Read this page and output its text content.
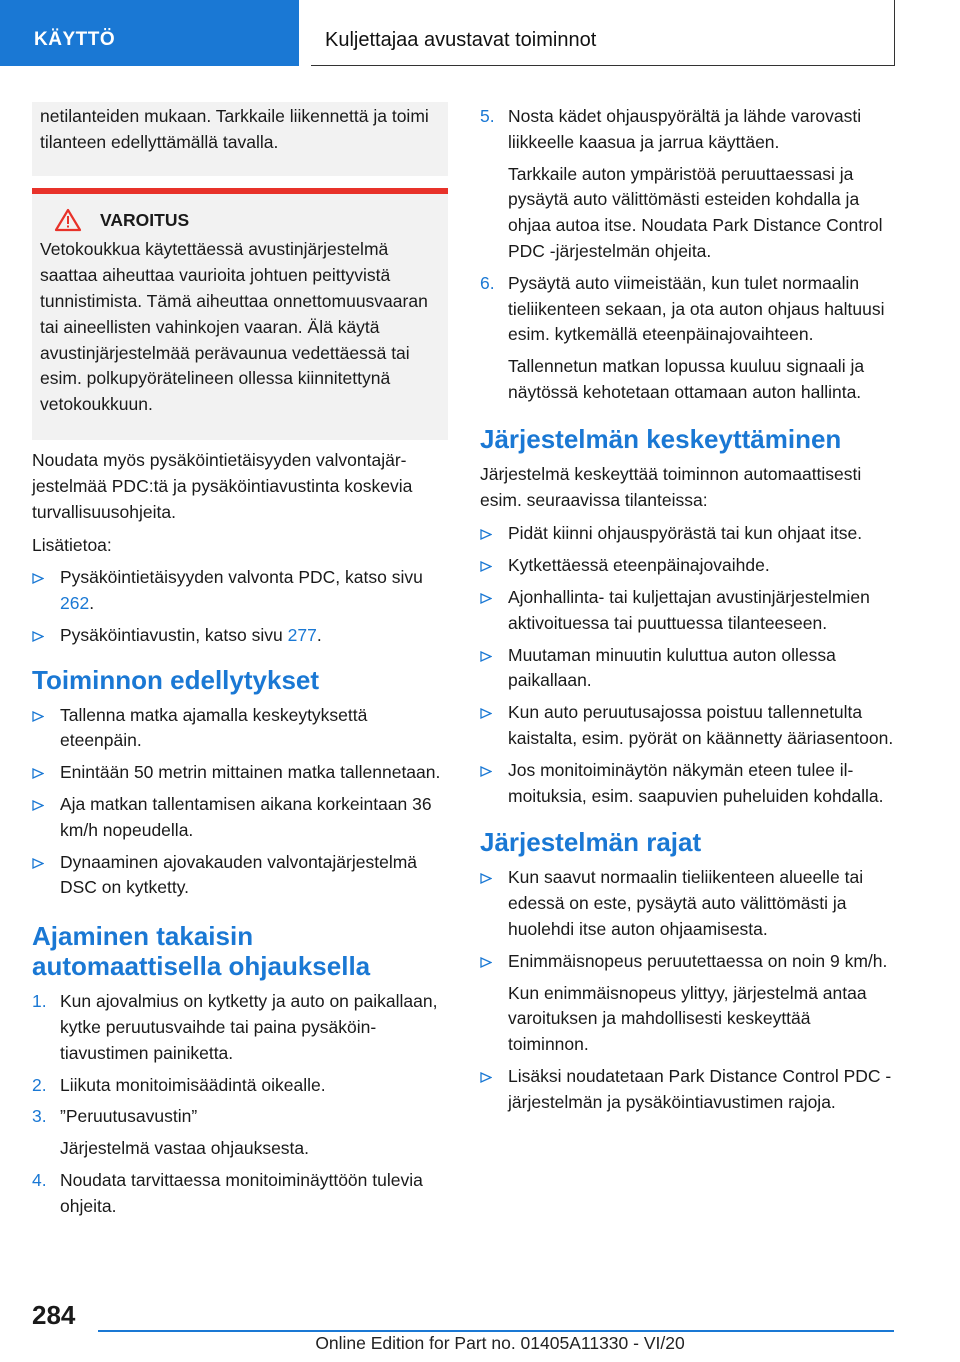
KÄYTTÖ	Kuljettajaa avustavat toiminnot
netilanteiden mukaan. Tarkkaile liikennettä ja toimi tilanteen edellyttämällä tavalla.
VAROITUS
Vetokoukkua käytettäessä avustinjärjestelmä saattaa aiheuttaa vaurioita johtuen peittyvistä tunnistimista. Tämä aiheuttaa onnettomuusvaaran tai aineellisten vahinkojen vaaran. Älä käytä avustinjärjestelmää perävaunua vedettäessä tai esim. polkupyörätelineen ollessa kiinnitettynä vetokoukkuun.

Noudata myös pysäköintietäisyyden valvontajärjestelmää PDC:tä ja pysäköintiavustinta koskevia turvallisuusohjeita.

Lisätietoa:

Pysäköintietäisyyden valvonta PDC, katso sivu 262.
Pysäköintiavustin, katso sivu 277.
Toiminnon edellytykset
Tallenna matka ajamalla keskeytyksettä eteenpäin.
Enintään 50 metrin mittainen matka tallennetaan.
Aja matkan tallentamisen aikana korkeintaan 36 km/h nopeudella.
Dynaaminen ajovakauden valvontajärjestelmä DSC on kytketty.
Ajaminen takaisin automaattisella ohjauksella
1. Kun ajovalmius on kytketty ja auto on paikallaan, kytke peruutusvaihde tai paina pysäköintiavustimen painiketta.
2. Liikuta monitoimisäädintä oikealle.
3. ”Peruutusavustin”
Järjestelmä vastaa ohjauksesta.
4. Noudata tarvittaessa monitoiminäyttöön tulevia ohjeita.
5. Nosta kädet ohjauspyörältä ja lähde varovasti liikkeelle kaasua ja jarrua käyttäen.
Tarkkaile auton ympäristöä peruuttaessasi ja pysäytä auto välittömästi esteiden kohdalla ja ohjaa autoa itse. Noudata Park Distance Control PDC -järjestelmän ohjeita.
6. Pysäytä auto viimeistään, kun tulet normaalin tieliikenteen sekaan, ja ota auton ohjaus haltuusi esim. kytkemällä eteenpäinajovaihteen.
Tallennetun matkan lopussa kuuluu signaali ja näytössä kehotetaan ottamaan auton hallinta.
Järjestelmän keskeyttäminen

Järjestelmä keskeyttää toiminnon automaattisesti esim. seuraavissa tilanteissa:

Pidät kiinni ohjauspyörästä tai kun ohjaat itse.
Kytkettäessä eteenpäinajovaihde.
Ajonhallinta- tai kuljettajan avustinjärjestelmien aktivoituessa tai puuttuessa tilanteeseen.
Muutaman minuutin kuluttua auton ollessa paikallaan.
Kun auto peruutusajossa poistuu tallennetulta kaistalta, esim. pyörät on käännetty ääriasentoon.
Jos monitoiminäytön näkymän eteen tulee ilmoituksia, esim. saapuvien puheluiden kohdalla.
Järjestelmän rajat
Kun saavut normaalin tieliikenteen alueelle tai edessä on este, pysäytä auto välittömästi ja huolehdi itse auton ohjaamisesta.
Enimmäisnopeus peruutettaessa on noin 9 km/h.
Kun enimmäisnopeus ylittyy, järjestelmä antaa varoituksen ja mahdollisesti keskeyttää toiminnon.
Lisäksi noudatetaan Park Distance Control PDC -järjestelmän ja pysäköintiavustimen rajoja.
284
Online Edition for Part no. 01405A11330 - VI/20
